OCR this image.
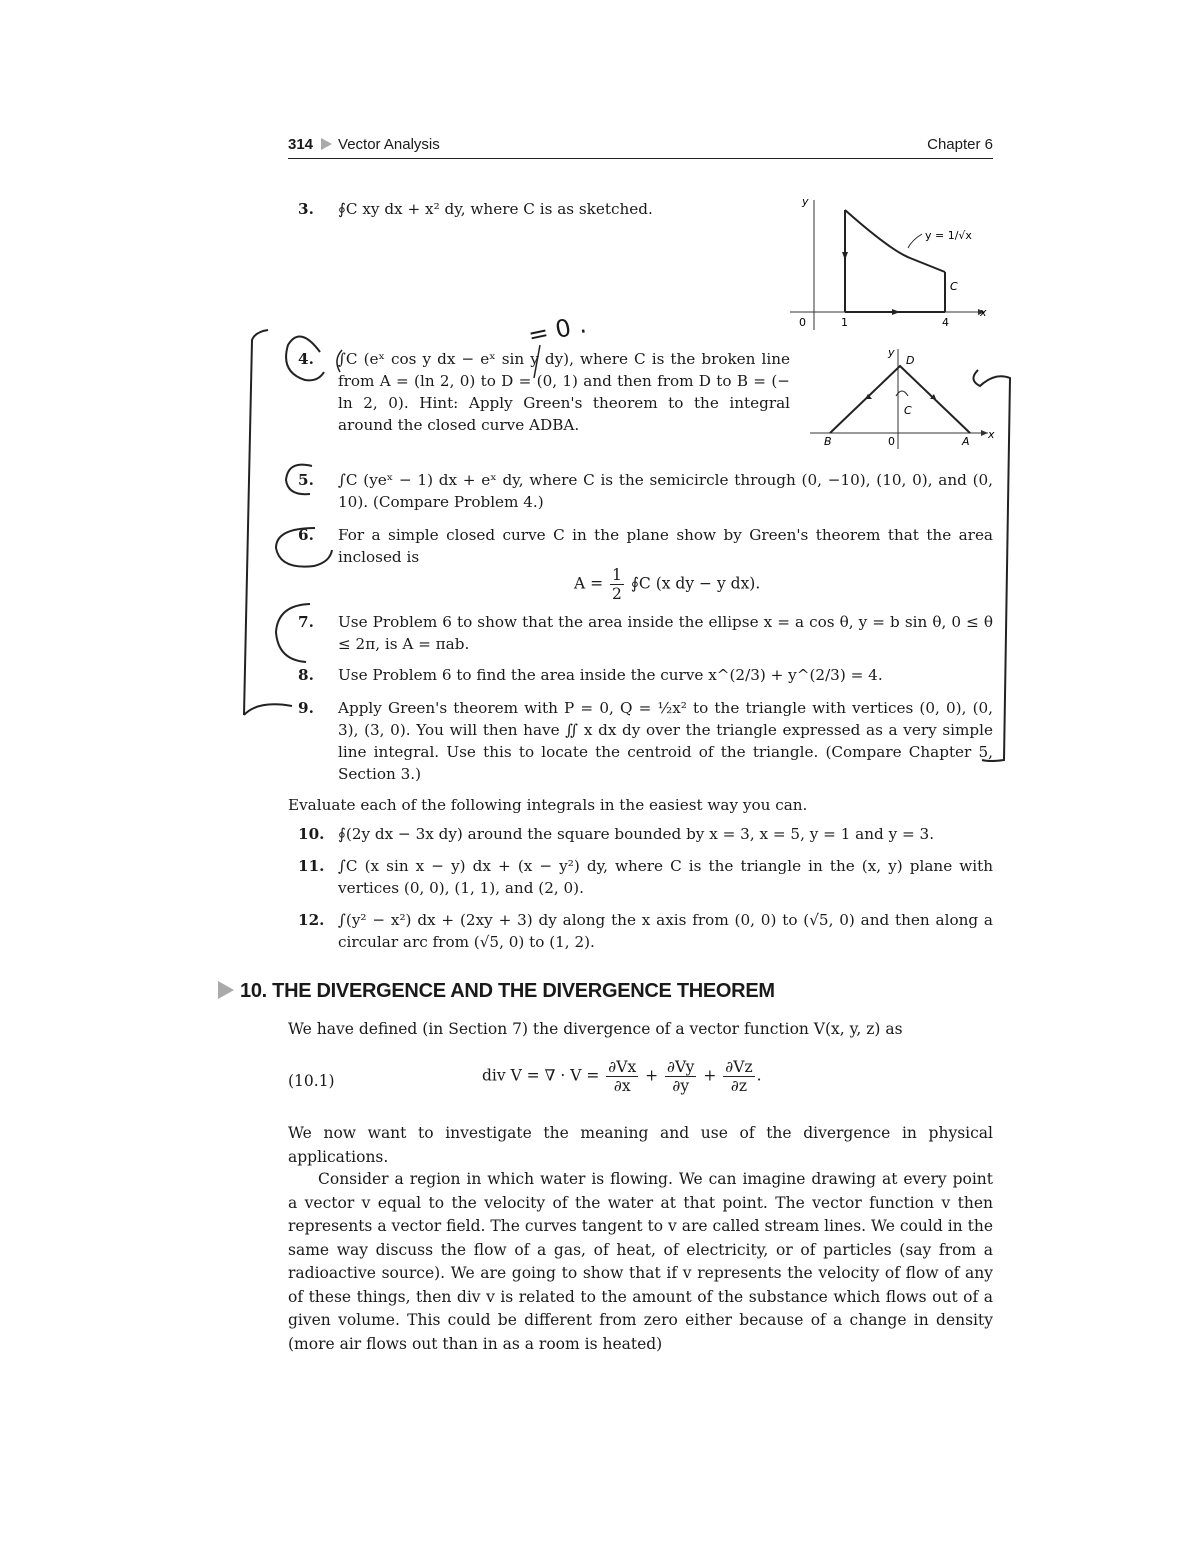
314 Vector Analysis	Chapter 6
3. ∮C xy dx + x² dy, where C is as sketched.	y
x
y = 1/√x
C
0	1	4
= 0 .
4. ∫C (eˣ cos y dx − eˣ sin y dy), where C is the broken line from A = (ln 2, 0) to D = (0, 1) and then from D to B = (− ln 2, 0). Hint: Apply Green's theorem to the integral around the closed curve ADBA.
y
D
C
B	0	A
x
5. ∫C (yeˣ − 1) dx + eˣ dy, where C is the semicircle through (0, −10), (10, 0), and (0, 10). (Compare Problem 4.)
6. For a simple closed curve C in the plane show by Green's theorem that the area inclosed is
$A = \frac{1}{2}$ ∮C (x dy − y dx).
7. Use Problem 6 to show that the area inside the ellipse x = a cos θ, y = b sin θ, 0 ≤ θ ≤ 2π, is A = πab.
8. Use Problem 6 to find the area inside the curve x^(2/3) + y^(2/3) = 4.
9. Apply Green's theorem with P = 0, Q = ½x² to the triangle with vertices (0, 0), (0, 3), (3, 0). You will then have ∬ x dx dy over the triangle expressed as a very simple line integral. Use this to locate the centroid of the triangle. (Compare Chapter 5, Section 3.)
Evaluate each of the following integrals in the easiest way you can.
10. ∮(2y dx − 3x dy) around the square bounded by x = 3, x = 5, y = 1 and y = 3.
11. ∫C (x sin x − y) dx + (x − y²) dy, where C is the triangle in the (x, y) plane with vertices (0, 0), (1, 1), and (2, 0).
12. ∫(y² − x²) dx + (2xy + 3) dy along the x axis from (0, 0) to (√5, 0) and then along a circular arc from (√5, 0) to (1, 2).
10. THE DIVERGENCE AND THE DIVERGENCE THEOREM
We have defined (in Section 7) the divergence of a vector function V(x, y, z) as
(10.1)	div V = ∇ · $V = \frac{\partial Vx}{\partial x} + \frac{\partial Vy}{\partial y} + \frac{\partial Vz}{\partial z}$ .
We now want to investigate the meaning and use of the divergence in physical applications.
Consider a region in which water is flowing. We can imagine drawing at every point a vector v equal to the velocity of the water at that point. The vector function v then represents a vector field. The curves tangent to v are called stream lines. We could in the same way discuss the flow of a gas, of heat, of electricity, or of particles (say from a radioactive source). We are going to show that if v represents the velocity of flow of any of these things, then div v is related to the amount of the substance which flows out of a given volume. This could be different from zero either because of a change in density (more air flows out than in as a room is heated)
